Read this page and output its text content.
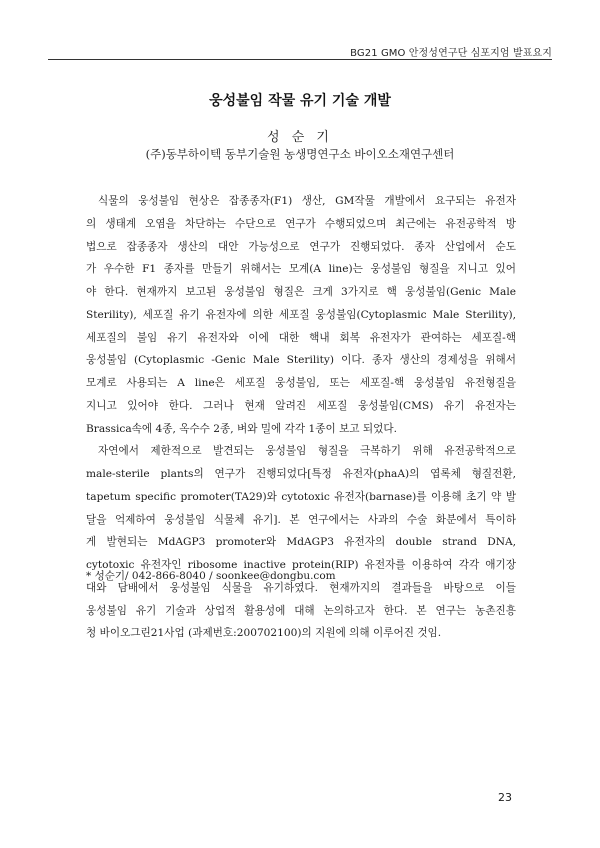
BG21 GMO 안정성연구단 심포지엄 발표요지
웅성불임 작물 유기 기술 개발
성 순 기
(주)동부하이텍 동부기술원 농생명연구소 바이오소재연구센터
식물의 웅성불임 현상은 잡종종자(F1) 생산, GM작물 개발에서 요구되는 유전자
의 생태계 오염을 차단하는 수단으로 연구가 수행되었으며 최근에는 유전공학적 방
법으로 잡종종자 생산의 대안 가능성으로 연구가 진행되었다. 종자 산업에서 순도
가 우수한 F1 종자를 만들기 위해서는 모계(A line)는 웅성불임 형질을 지니고 있어
야 한다. 현재까지 보고된 웅성불임 형질은 크게 3가지로 핵 웅성불임(Genic Male
Sterility), 세포질 유기 유전자에 의한 세포질 웅성불임(Cytoplasmic Male Sterility),
세포질의 불임 유기 유전자와 이에 대한 핵내 회복 유전자가 관여하는 세포질-핵
웅성불임 (Cytoplasmic -Genic Male Sterility) 이다. 종자 생산의 경제성을 위해서
모계로 사용되는 A line은 세포질 웅성불임, 또는 세포질-핵 웅성불임 유전형질을
지니고 있어야 한다. 그러나 현재 알려진 세포질 웅성불임(CMS) 유기 유전자는
Brassica속에 4종, 옥수수 2종, 벼와 밀에 각각 1종이 보고 되었다.
자연에서 제한적으로 발견되는 웅성불임 형질을 극복하기 위해 유전공학적으로
male-sterile plants의 연구가 진행되었다[특정 유전자(phaA)의 엽록체 형질전환,
tapetum specific promoter(TA29)와 cytotoxic 유전자(barnase)를 이용해 초기 약 발
달을 억제하여 웅성불임 식물체 유기]. 본 연구에서는 사과의 수술 화분에서 특이하
게 발현되는 MdAGP3 promoter와 MdAGP3 유전자의 double strand DNA,
cytotoxic 유전자인 ribosome inactive protein(RIP) 유전자를 이용하여 각각 애기장
대와 담배에서 웅성불임 식물을 유기하였다. 현재까지의 결과들을 바탕으로 이들
웅성불임 유기 기술과 상업적 활용성에 대해 논의하고자 한다. 본 연구는 농촌진흥
청 바이오그린21사업 (과제번호:200702100)의 지원에 의해 이루어진 것임.
* 성순기/ 042-866-8040 / soonkee@dongbu.com
23
